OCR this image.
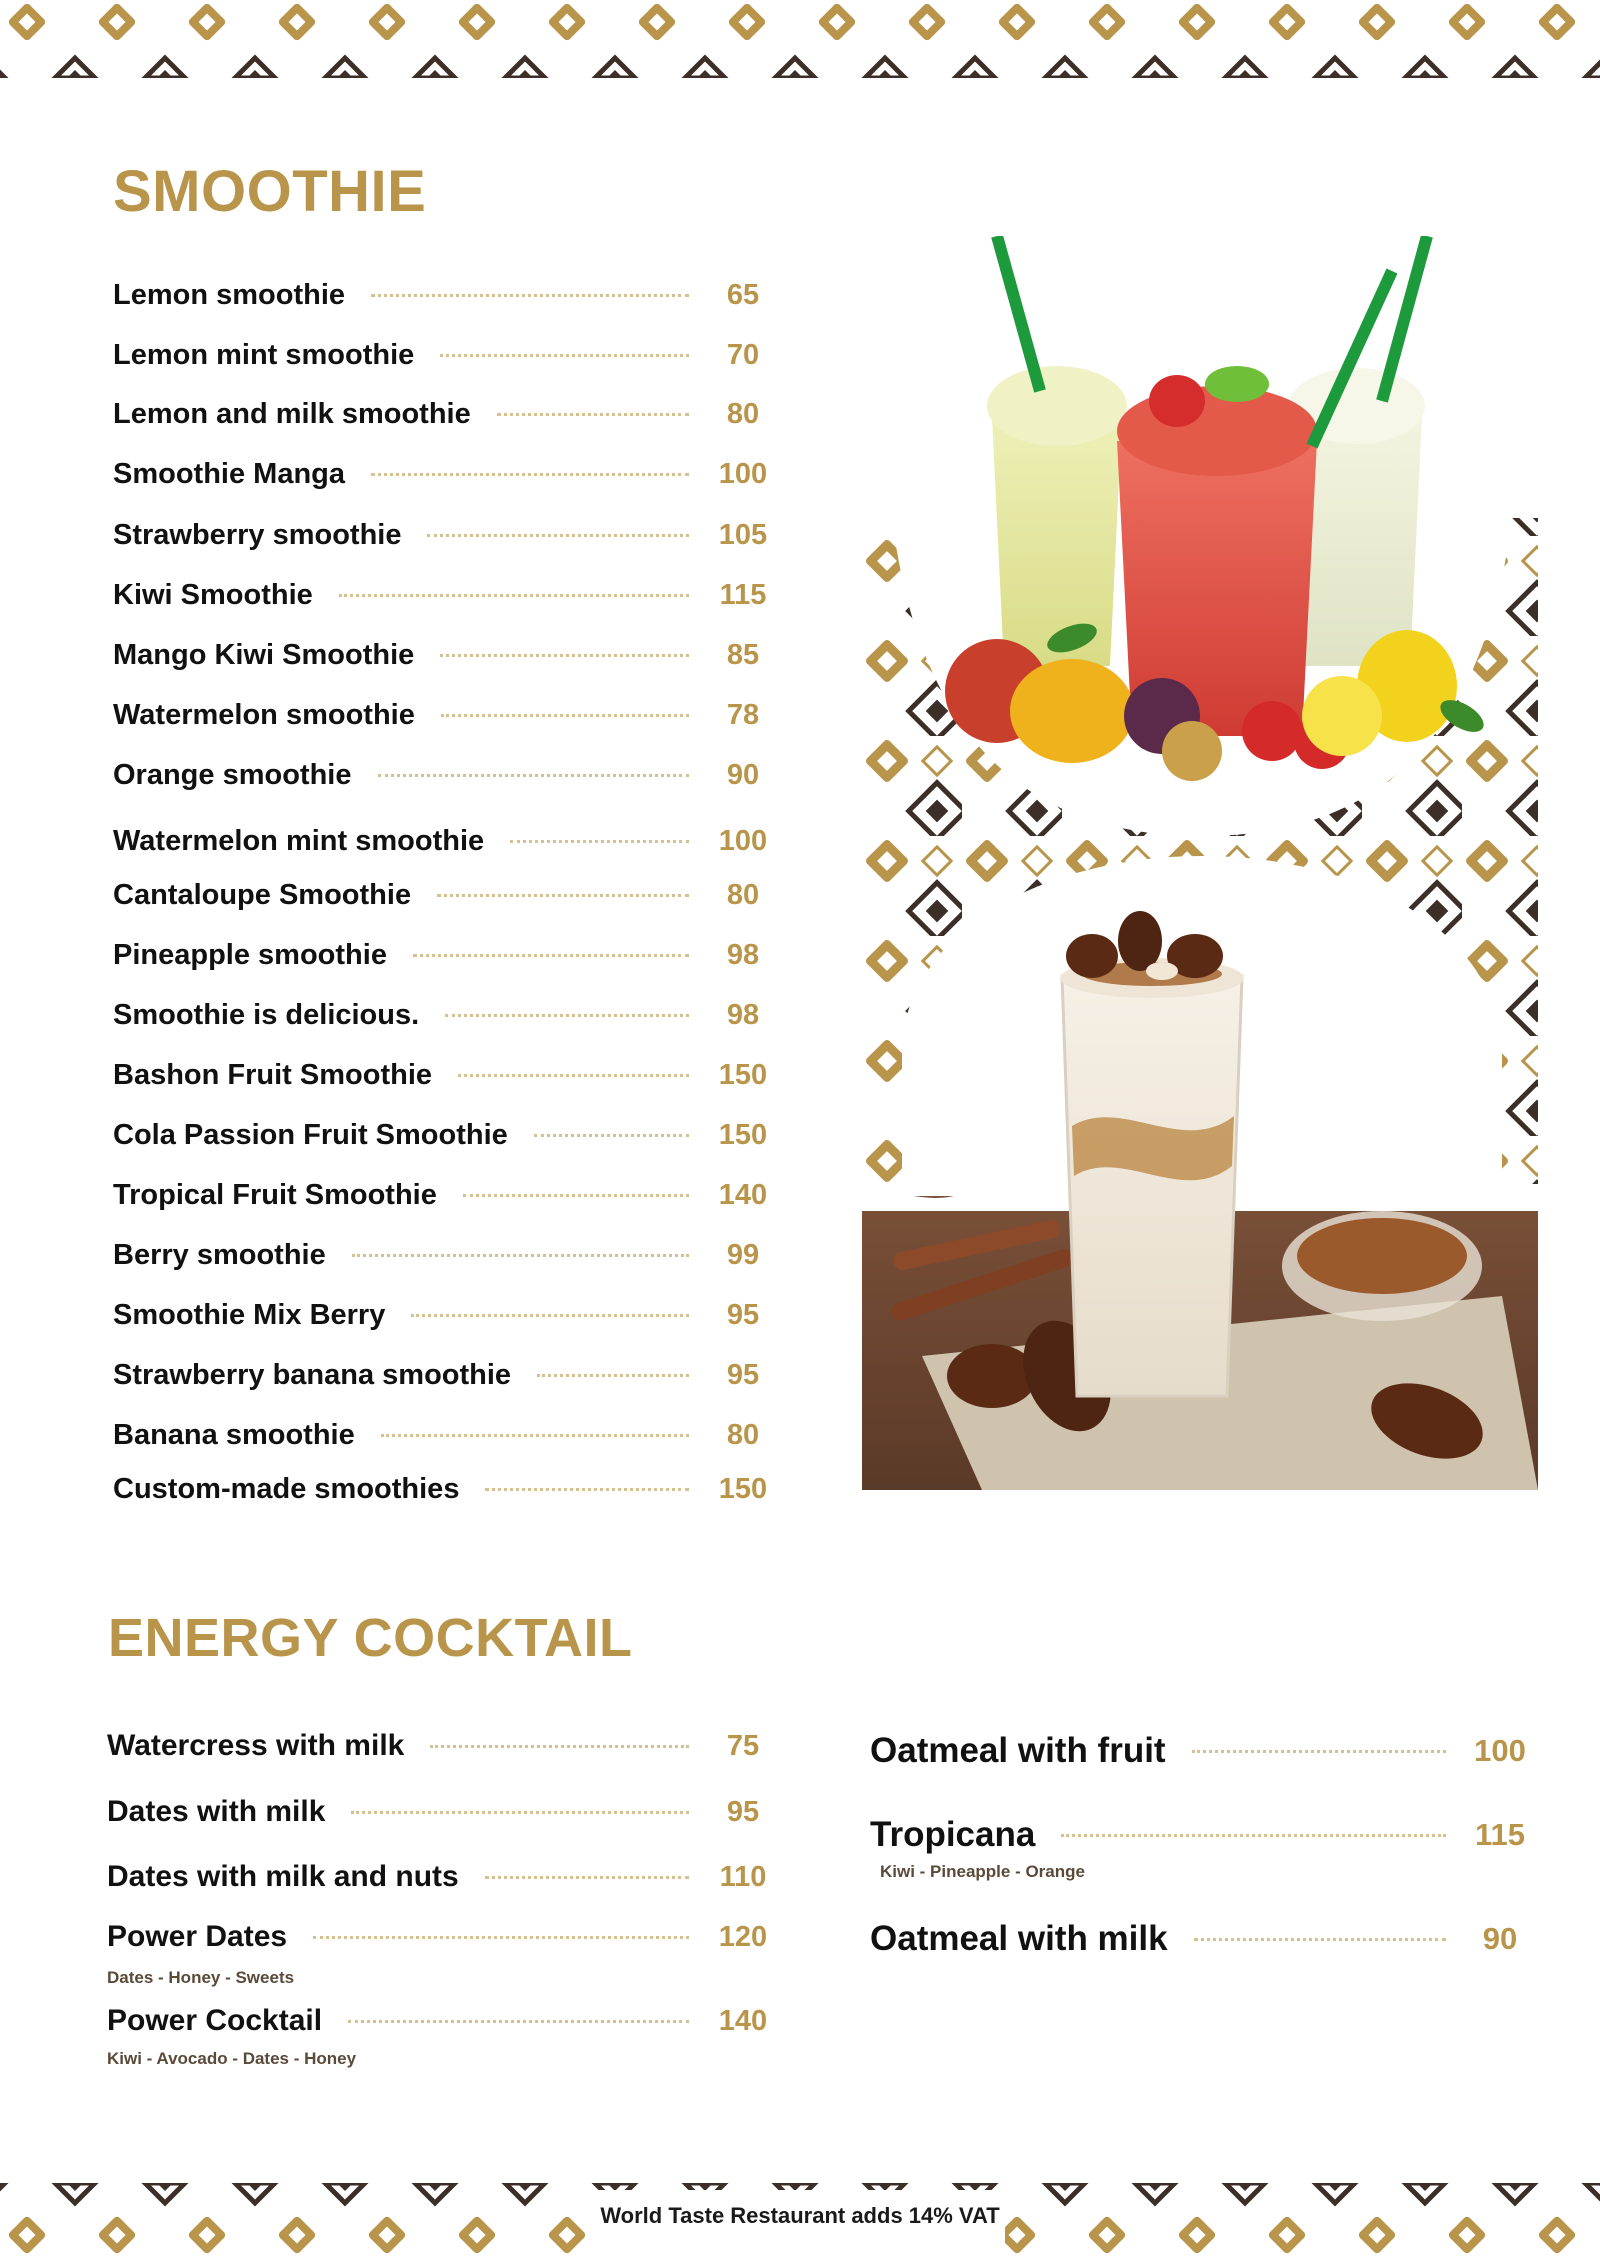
SMOOTHIE
Lemon smoothie	65
Lemon mint smoothie	70
Lemon and milk smoothie	80
Smoothie Manga	100
Strawberry smoothie	105
Kiwi Smoothie	115
Mango Kiwi Smoothie	85
Watermelon smoothie	78
Orange smoothie	90
Watermelon mint smoothie	100
Cantaloupe Smoothie	80
Pineapple smoothie	98
Smoothie is delicious.	98
Bashon Fruit Smoothie	150
Cola Passion Fruit Smoothie	150
Tropical Fruit Smoothie	140
Berry smoothie	99
Smoothie Mix Berry	95
Strawberry banana smoothie	95
Banana smoothie	80
Custom-made smoothies	150
ENERGY COCKTAIL
Watercress with milk	75
Dates with milk	95
Dates with milk and nuts	110
Power Dates	120
Dates - Honey - Sweets
Power Cocktail	140
Kiwi - Avocado - Dates - Honey
Oatmeal with fruit	100
Tropicana	115
Kiwi - Pineapple - Orange
Oatmeal with milk	90
World Taste Restaurant adds 14% VAT
